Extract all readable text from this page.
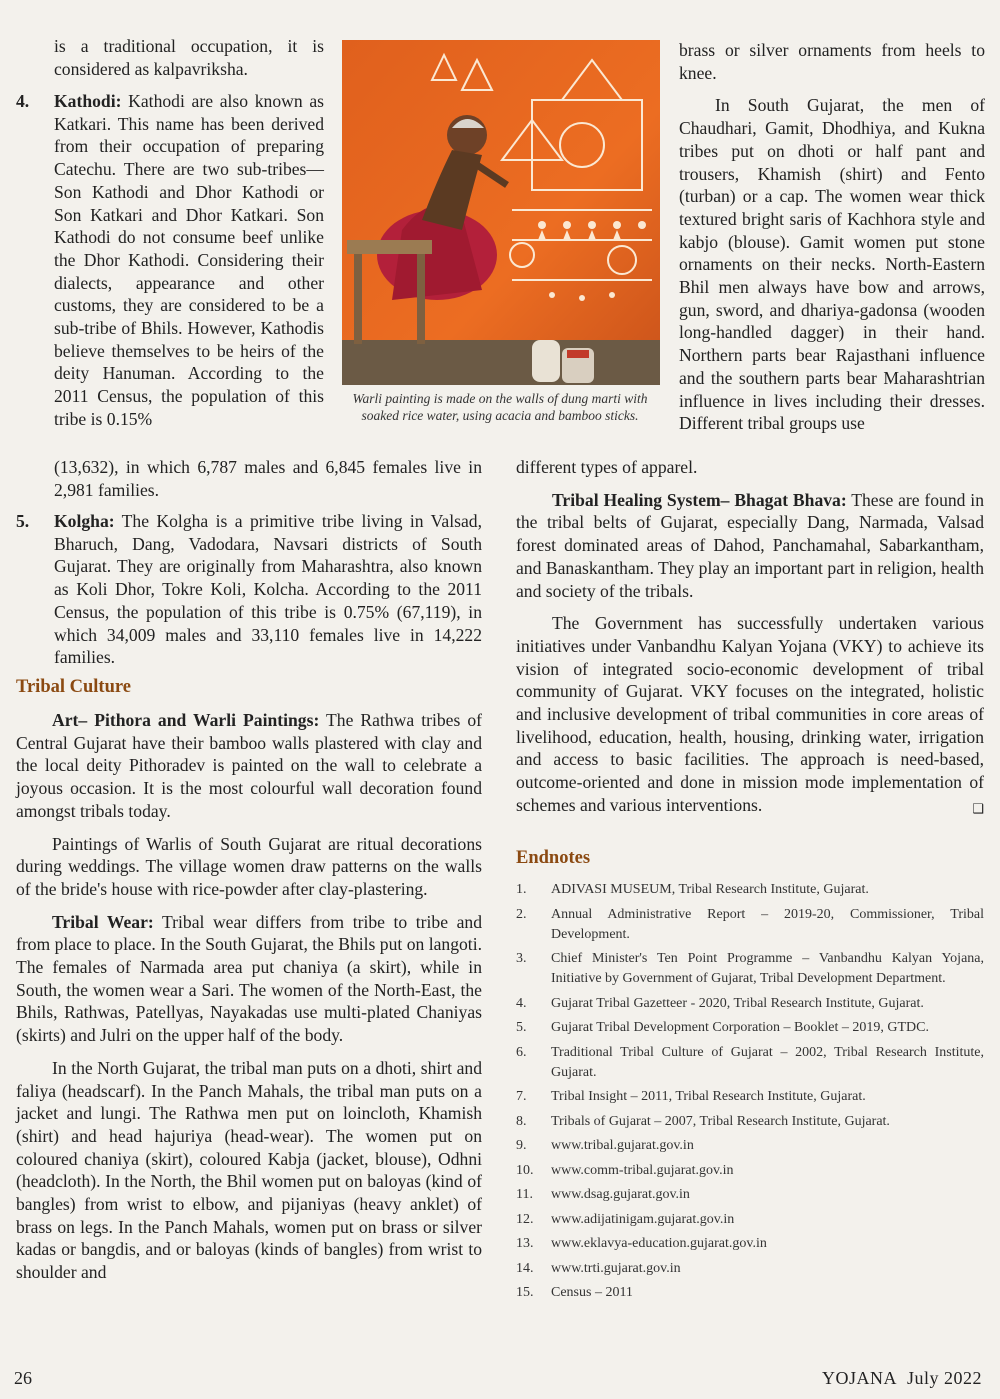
is a traditional occupation, it is considered as kalpavriksha.

4. Kathodi: Kathodi are also known as Katkari. This name has been derived from their occupation of preparing Catechu. There are two sub-tribes— Son Kathodi and Dhor Kathodi or Son Katkari and Dhor Katkari. Son Kathodi do not consume beef unlike the Dhor Kathodi. Considering their dialects, appearance and other customs, they are considered to be a sub-tribe of Bhils. However, Kathodis believe themselves to be heirs of the deity Hanuman. According to the 2011 Census, the population of this tribe is 0.15%

(13,632), in which 6,787 males and 6,845 females live in 2,981 families.

5. Kolgha: The Kolgha is a primitive tribe living in Valsad, Bharuch, Dang, Vadodara, Navsari districts of South Gujarat. They are originally from Maharashtra, also known as Koli Dhor, Tokre Koli, Kolcha. According to the 2011 Census, the population of this tribe is 0.75% (67,119), in which 34,009 males and 33,110 females live in 14,222 families.
Tribal Culture

Art– Pithora and Warli Paintings: The Rathwa tribes of Central Gujarat have their bamboo walls plastered with clay and the local deity Pithoradev is painted on the wall to celebrate a joyous occasion. It is the most colourful wall decoration found amongst tribals today.

Paintings of Warlis of South Gujarat are ritual decorations during weddings. The village women draw patterns on the walls of the bride's house with rice-powder after clay-plastering.

Tribal Wear: Tribal wear differs from tribe to tribe and from place to place. In the South Gujarat, the Bhils put on langoti. The females of Narmada area put chaniya (a skirt), while in South, the women wear a Sari. The women of the North-East, the Bhils, Rathwas, Patellyas, Nayakadas use multi-plated Chaniyas (skirts) and Julri on the upper half of the body.

In the North Gujarat, the tribal man puts on a dhoti, shirt and faliya (headscarf). In the Panch Mahals, the tribal man puts on a jacket and lungi. The Rathwa men put on loincloth, Khamish (shirt) and head hajuriya (head-wear). The women put on coloured chaniya (skirt), coloured Kabja (jacket, blouse), Odhni (headcloth). In the North, the Bhil women put on baloyas (kind of bangles) from wrist to elbow, and pijaniyas (heavy anklet) of brass on legs. In the Panch Mahals, women put on brass or silver kadas or bangdis, and or baloyas (kinds of bangles) from wrist to shoulder and

Warli painting is made on the walls of dung marti with soaked rice water, using acacia and bamboo sticks.

brass or silver ornaments from heels to knee.

In South Gujarat, the men of Chaudhari, Gamit, Dhodhiya, and Kukna tribes put on dhoti or half pant and trousers, Khamish (shirt) and Fento (turban) or a cap. The women wear thick textured bright saris of Kachhora style and kabjo (blouse). Gamit women put stone ornaments on their necks. North-Eastern Bhil men always have bow and arrows, gun, sword, and dhariya-gadonsa (wooden long-handled dagger) in their hand. Northern parts bear Rajasthani influence and the southern parts bear Maharashtrian influence in lives including their dresses. Different tribal groups use

different types of apparel.

Tribal Healing System– Bhagat Bhava: These are found in the tribal belts of Gujarat, especially Dang, Narmada, Valsad forest dominated areas of Dahod, Panchamahal, Sabarkantham, and Banaskantham. They play an important part in religion, health and society of the tribals.

The Government has successfully undertaken various initiatives under Vanbandhu Kalyan Yojana (VKY) to achieve its vision of integrated socio-economic development of tribal community of Gujarat. VKY focuses on the integrated, holistic and inclusive development of tribal communities in core areas of livelihood, education, health, housing, drinking water, irrigation and access to basic facilities. The approach is need-based, outcome-oriented and done in mission mode implementation of schemes and various interventions.	❑

Endnotes
1. ADIVASI MUSEUM, Tribal Research Institute, Gujarat.
2. Annual Administrative Report – 2019-20, Commissioner, Tribal Development.
3. Chief Minister's Ten Point Programme – Vanbandhu Kalyan Yojana, Initiative by Government of Gujarat, Tribal Development Department.
4. Gujarat Tribal Gazetteer - 2020, Tribal Research Institute, Gujarat.
5. Gujarat Tribal Development Corporation – Booklet – 2019, GTDC.
6. Traditional Tribal Culture of Gujarat – 2002, Tribal Research Institute, Gujarat.
7. Tribal Insight – 2011, Tribal Research Institute, Gujarat.
8. Tribals of Gujarat – 2007, Tribal Research Institute, Gujarat.
9. www.tribal.gujarat.gov.in
10. www.comm-tribal.gujarat.gov.in
11. www.dsag.gujarat.gov.in
12. www.adijatinigam.gujarat.gov.in
13. www.eklavya-education.gujarat.gov.in
14. www.trti.gujarat.gov.in
15. Census – 2011
26	YOJANA July 2022
